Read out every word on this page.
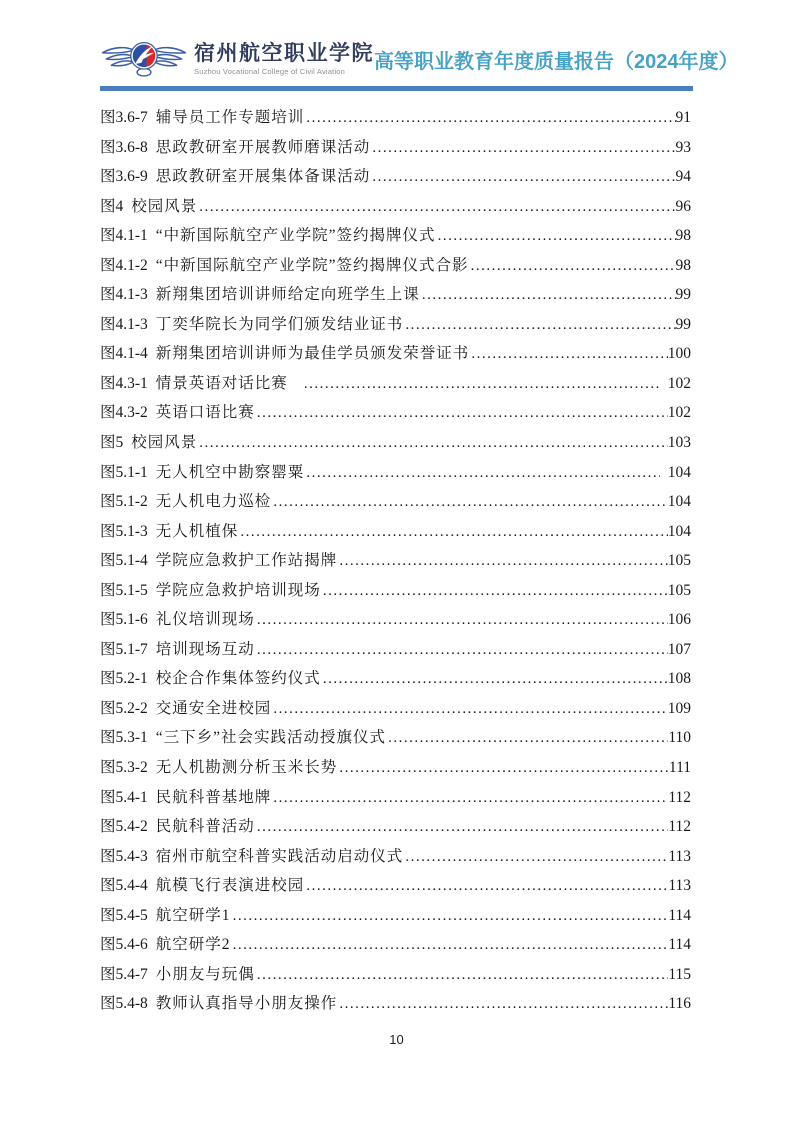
宿州航空职业学院
Suzhou Vocational College of Civil Aviation	高等职业教育年度质量报告（2024年度）
图3.6-7 辅导员工作专题培训 .....	91
图3.6-8 思政教研室开展教师磨课活动 .....	93
图3.6-9 思政教研室开展集体备课活动 .....	94
图4 校园风景 .....	96
图4.1-1 “中新国际航空产业学院”签约揭牌仪式 .....	98
图4.1-2 “中新国际航空产业学院”签约揭牌仪式合影 .....	98
图4.1-3 新翔集团培训讲师给定向班学生上课 .....	99
图4.1-3 丁奕华院长为同学们颁发结业证书 .....	99
图4.1-4 新翔集团培训讲师为最佳学员颁发荣誉证书 .....	100
图4.3-1 情景英语对话比赛 .....	102
图4.3-2 英语口语比赛 .....	102
图5 校园风景 .....	103
图5.1-1 无人机空中勘察罂粟 .....	104
图5.1-2 无人机电力巡检 .....	104
图5.1-3 无人机植保 .....	104
图5.1-4 学院应急救护工作站揭牌 .....	105
图5.1-5 学院应急救护培训现场 .....	105
图5.1-6 礼仪培训现场 .....	106
图5.1-7 培训现场互动 .....	107
图5.2-1 校企合作集体签约仪式 .....	108
图5.2-2 交通安全进校园 .....	109
图5.3-1 “三下乡”社会实践活动授旗仪式 .....	110
图5.3-2 无人机勘测分析玉米长势 .....	111
图5.4-1 民航科普基地牌 .....	112
图5.4-2 民航科普活动 .....	112
图5.4-3 宿州市航空科普实践活动启动仪式 .....	113
图5.4-4 航模飞行表演进校园 .....	113
图5.4-5 航空研学1 .....	114
图5.4-6 航空研学2 .....	114
图5.4-7 小朋友与玩偶 .....	115
图5.4-8 教师认真指导小朋友操作 .....	116
10
